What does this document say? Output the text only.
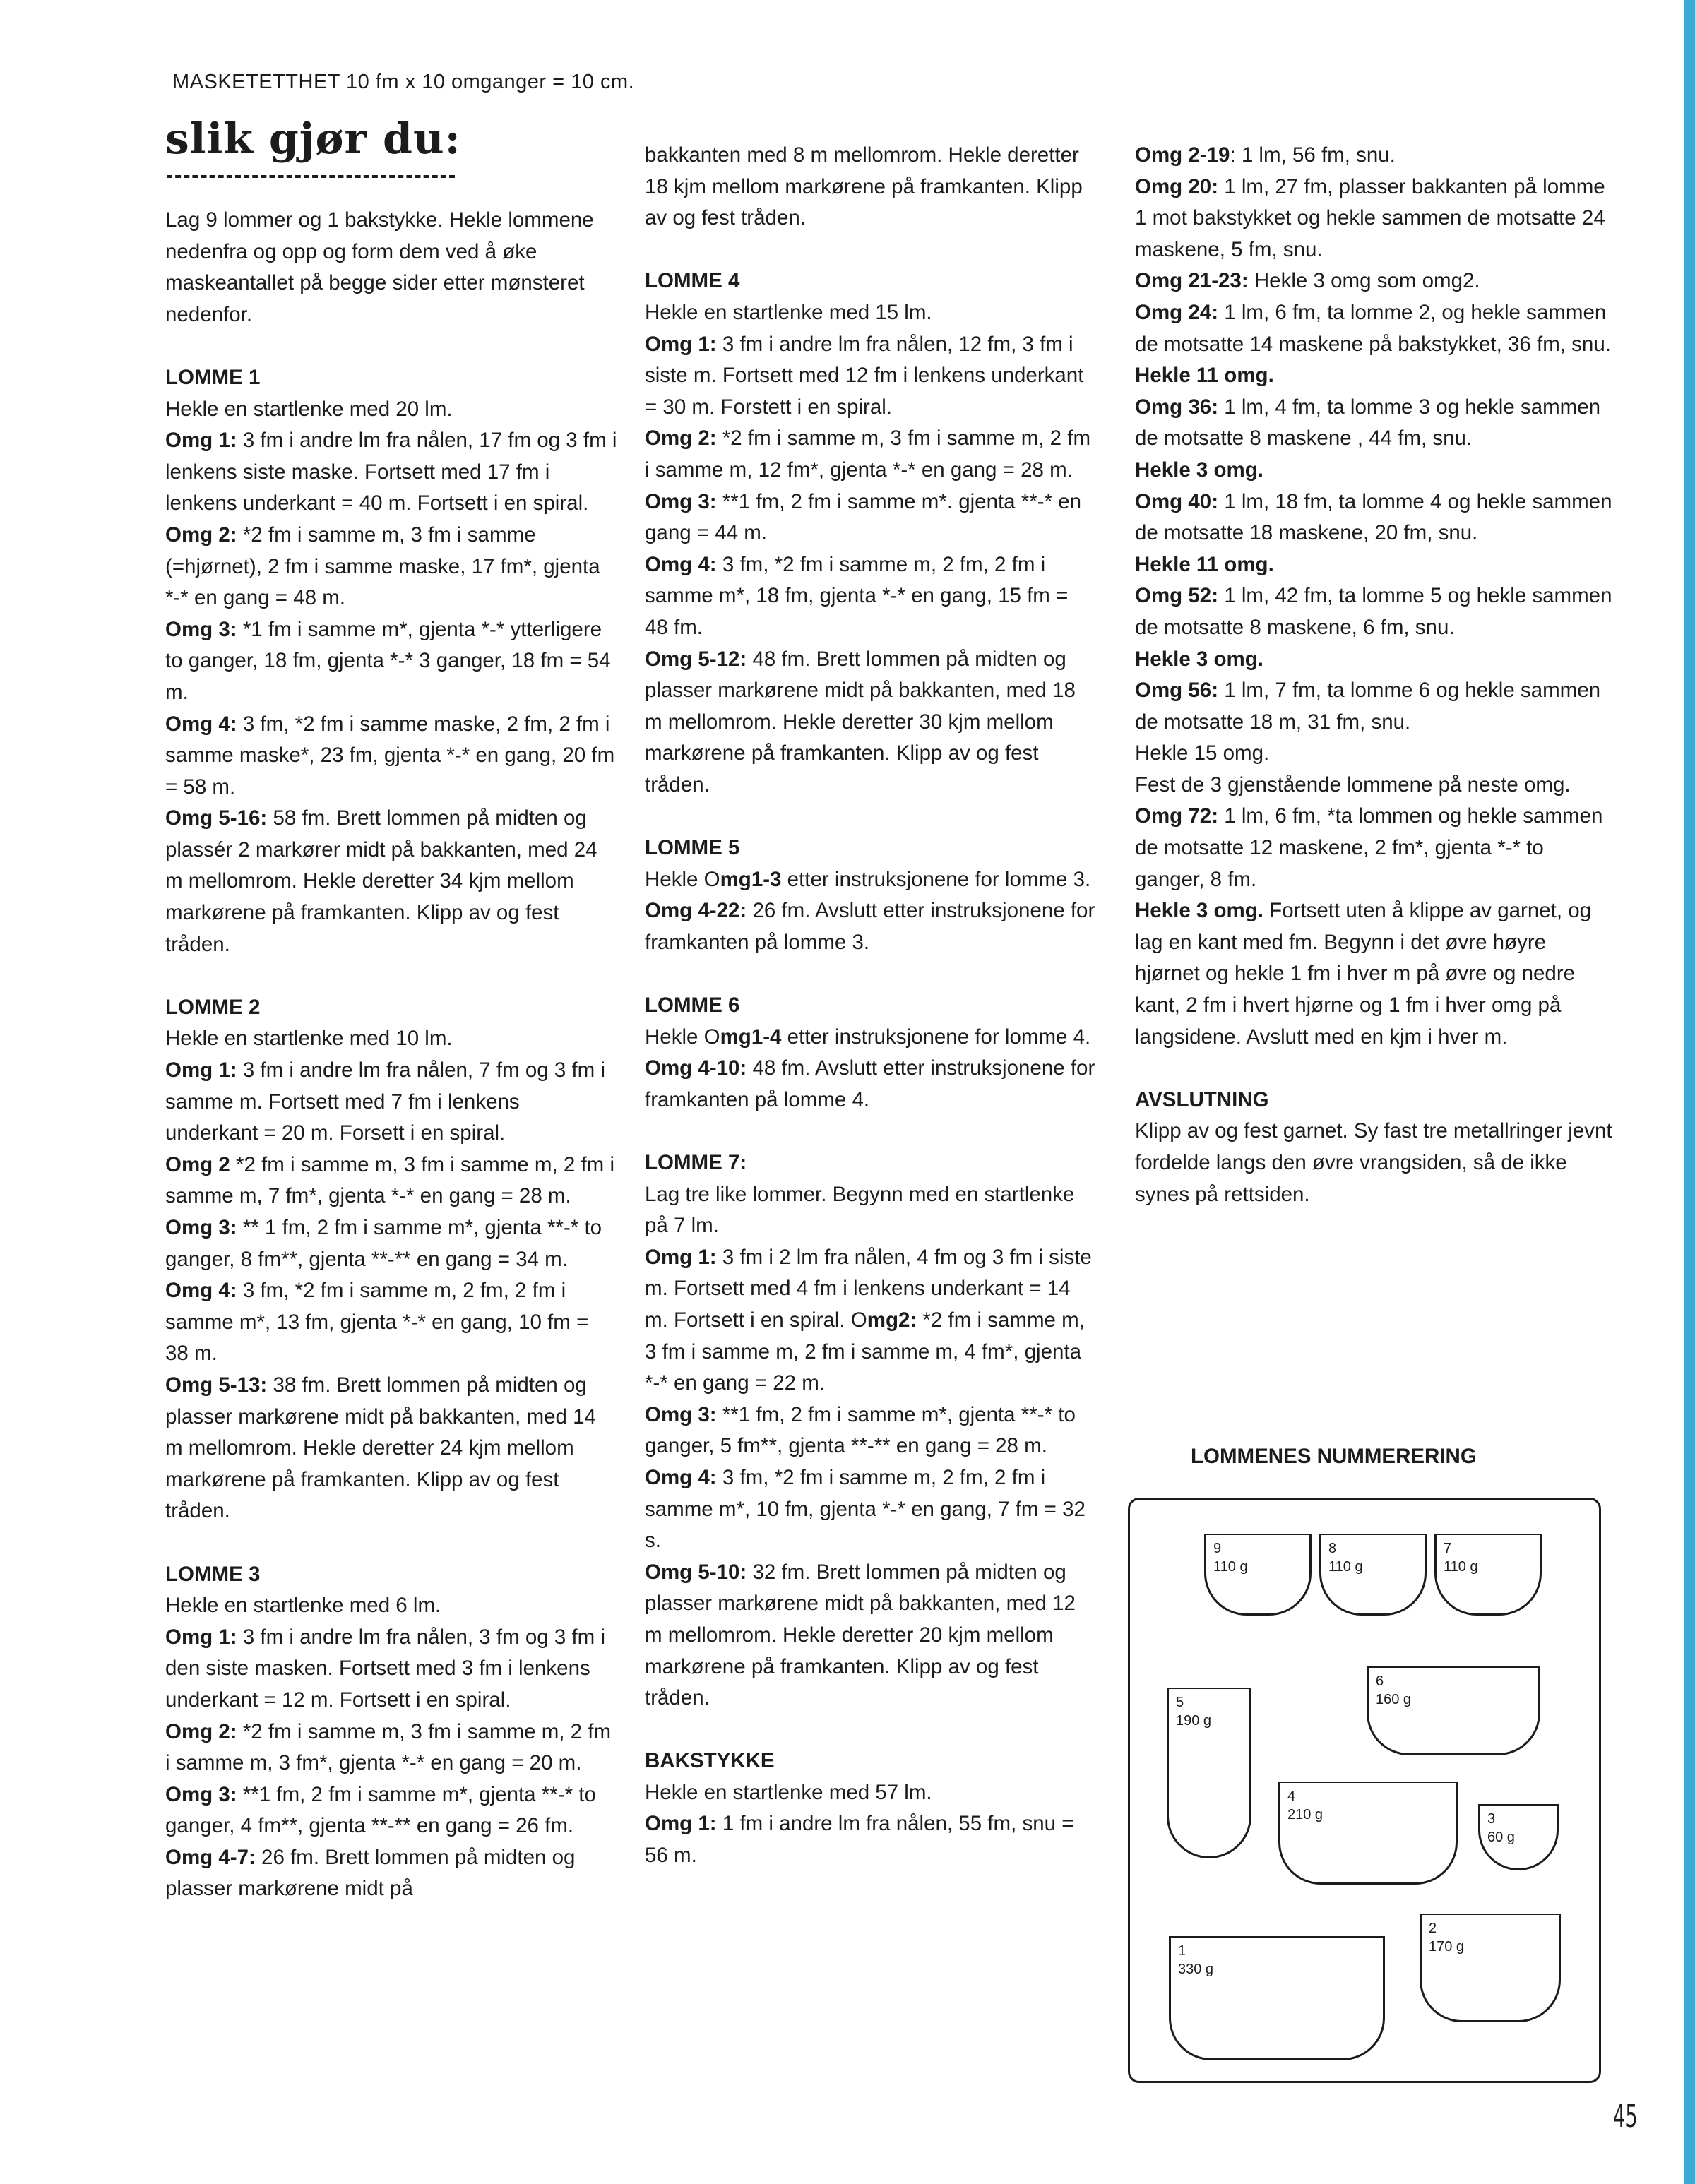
MASKETETTHET 10 fm x 10 omganger = 10 cm.
slik gjør du:

Lag 9 lommer og 1 bakstykke. Hekle lommene nedenfra og opp og form dem ved å øke maskeantallet på begge sider etter mønsteret nedenfor.

LOMME 1

Hekle en startlenke med 20 lm.

Omg 1: 3 fm i andre lm fra nålen, 17 fm og 3 fm i lenkens siste maske. Fortsett med 17 fm i lenkens underkant = 40 m. Fortsett i en spiral.

Omg 2: *2 fm i samme m, 3 fm i samme (=hjørnet), 2 fm i samme maske, 17 fm*, gjenta *-* en gang = 48 m.

Omg 3: *1 fm i samme m*, gjenta *-* ytterligere to ganger, 18 fm, gjenta *-* 3 ganger, 18 fm = 54 m.

Omg 4: 3 fm, *2 fm i samme maske, 2 fm, 2 fm i samme maske*, 23 fm, gjenta *-* en gang, 20 fm = 58 m.

Omg 5-16: 58 fm. Brett lommen på midten og plassér 2 markører midt på bakkanten, med 24 m mellomrom. Hekle deretter 34 kjm mellom markørene på framkanten. Klipp av og fest tråden.

LOMME 2

Hekle en startlenke med 10 lm.

Omg 1: 3 fm i andre lm fra nålen, 7 fm og 3 fm i samme m. Fortsett med 7 fm i lenkens underkant = 20 m. Forsett i en spiral.

Omg 2 *2 fm i samme m, 3 fm i samme m, 2 fm i samme m, 7 fm*, gjenta *-* en gang = 28 m.

Omg 3: ** 1 fm, 2 fm i samme m*, gjenta **-* to ganger, 8 fm**, gjenta **-** en gang = 34 m.

Omg 4: 3 fm, *2 fm i samme m, 2 fm, 2 fm i samme m*, 13 fm, gjenta *-* en gang, 10 fm = 38 m.

Omg 5-13: 38 fm. Brett lommen på midten og plasser markørene midt på bakkanten, med 14 m mellomrom. Hekle deretter 24 kjm mellom markørene på framkanten. Klipp av og fest tråden.

LOMME 3

Hekle en startlenke med 6 lm.

Omg 1: 3 fm i andre lm fra nålen, 3 fm og 3 fm i den siste masken. Fortsett med 3 fm i lenkens underkant = 12 m. Fortsett i en spiral.

Omg 2: *2 fm i samme m, 3 fm i samme m, 2 fm i samme m, 3 fm*, gjenta *-* en gang = 20 m.

Omg 3: **1 fm, 2 fm i samme m*, gjenta **-* to ganger, 4 fm**, gjenta **-** en gang = 26 fm.

Omg 4-7: 26 fm. Brett lommen på midten og plasser markørene midt på

bakkanten med 8 m mellomrom. Hekle deretter 18 kjm mellom markørene på framkanten. Klipp av og fest tråden.

LOMME 4

Hekle en startlenke med 15 lm.

Omg 1: 3 fm i andre lm fra nålen, 12 fm, 3 fm i siste m. Fortsett med 12 fm i lenkens underkant = 30 m. Forstett i en spiral.

Omg 2: *2 fm i samme m, 3 fm i samme m, 2 fm i samme m, 12 fm*, gjenta *-* en gang = 28 m.

Omg 3: **1 fm, 2 fm i samme m*. gjenta **-* en gang = 44 m.

Omg 4: 3 fm, *2 fm i samme m, 2 fm, 2 fm i samme m*, 18 fm, gjenta *-* en gang, 15 fm = 48 fm.

Omg 5-12: 48 fm. Brett lommen på midten og plasser markørene midt på bakkanten, med 18 m mellomrom. Hekle deretter 30 kjm mellom markørene på framkanten. Klipp av og fest tråden.

LOMME 5

Hekle Omg1-3 etter instruksjonene for lomme 3.

Omg 4-22: 26 fm. Avslutt etter instruksjonene for framkanten på lomme 3.

LOMME 6

Hekle Omg1-4 etter instruksjonene for lomme 4.

Omg 4-10: 48 fm. Avslutt etter instruksjonene for framkanten på lomme 4.

LOMME 7:

Lag tre like lommer. Begynn med en startlenke på 7 lm.

Omg 1: 3 fm i 2 lm fra nålen, 4 fm og 3 fm i siste m. Fortsett med 4 fm i lenkens underkant = 14 m. Fortsett i en spiral. Omg2: *2 fm i samme m, 3 fm i samme m, 2 fm i samme m, 4 fm*, gjenta *-* en gang = 22 m.

Omg 3: **1 fm, 2 fm i samme m*, gjenta **-* to ganger, 5 fm**, gjenta **-** en gang = 28 m.

Omg 4: 3 fm, *2 fm i samme m, 2 fm, 2 fm i samme m*, 10 fm, gjenta *-* en gang, 7 fm = 32 s.

Omg 5-10: 32 fm. Brett lommen på midten og plasser markørene midt på bakkanten, med 12 m mellomrom. Hekle deretter 20 kjm mellom markørene på framkanten. Klipp av og fest tråden.

BAKSTYKKE

Hekle en startlenke med 57 lm.

Omg 1: 1 fm i andre lm fra nålen, 55 fm, snu = 56 m.

Omg 2-19: 1 lm, 56 fm, snu.

Omg 20: 1 lm, 27 fm, plasser bakkanten på lomme 1 mot bakstykket og hekle sammen de motsatte 24 maskene, 5 fm, snu.

Omg 21-23: Hekle 3 omg som omg2.

Omg 24: 1 lm, 6 fm, ta lomme 2, og hekle sammen de motsatte 14 maskene på bakstykket, 36 fm, snu.

Hekle 11 omg.

Omg 36: 1 lm, 4 fm, ta lomme 3 og hekle sammen de motsatte 8 maskene , 44 fm, snu.

Hekle 3 omg.

Omg 40: 1 lm, 18 fm, ta lomme 4 og hekle sammen de motsatte 18 maskene, 20 fm, snu.

Hekle 11 omg.

Omg 52: 1 lm, 42 fm, ta lomme 5 og hekle sammen de motsatte 8 maskene, 6 fm, snu.

Hekle 3 omg.

Omg 56: 1 lm, 7 fm, ta lomme 6 og hekle sammen de motsatte 18 m, 31 fm, snu.

Hekle 15 omg.

Fest de 3 gjenstående lommene på neste omg.

Omg 72: 1 lm, 6 fm, *ta lommen og hekle sammen de motsatte 12 maskene, 2 fm*, gjenta *-* to ganger, 8 fm.

Hekle 3 omg. Fortsett uten å klippe av garnet, og lag en kant med fm. Begynn i det øvre høyre hjørnet og hekle 1 fm i hver m på øvre og nedre kant, 2 fm i hvert hjørne og 1 fm i hver omg på langsidene. Avslutt med en kjm i hver m.

AVSLUTNING

Klipp av og fest garnet. Sy fast tre metallringer jevnt fordelde langs den øvre vrangsiden, så de ikke synes på rettsiden.

LOMMENES NUMMERERING
9
110 g
8
110 g
7
110 g
6
160 g
5
190 g
4
210 g	3
60 g
2
170 g
1
330 g
45
